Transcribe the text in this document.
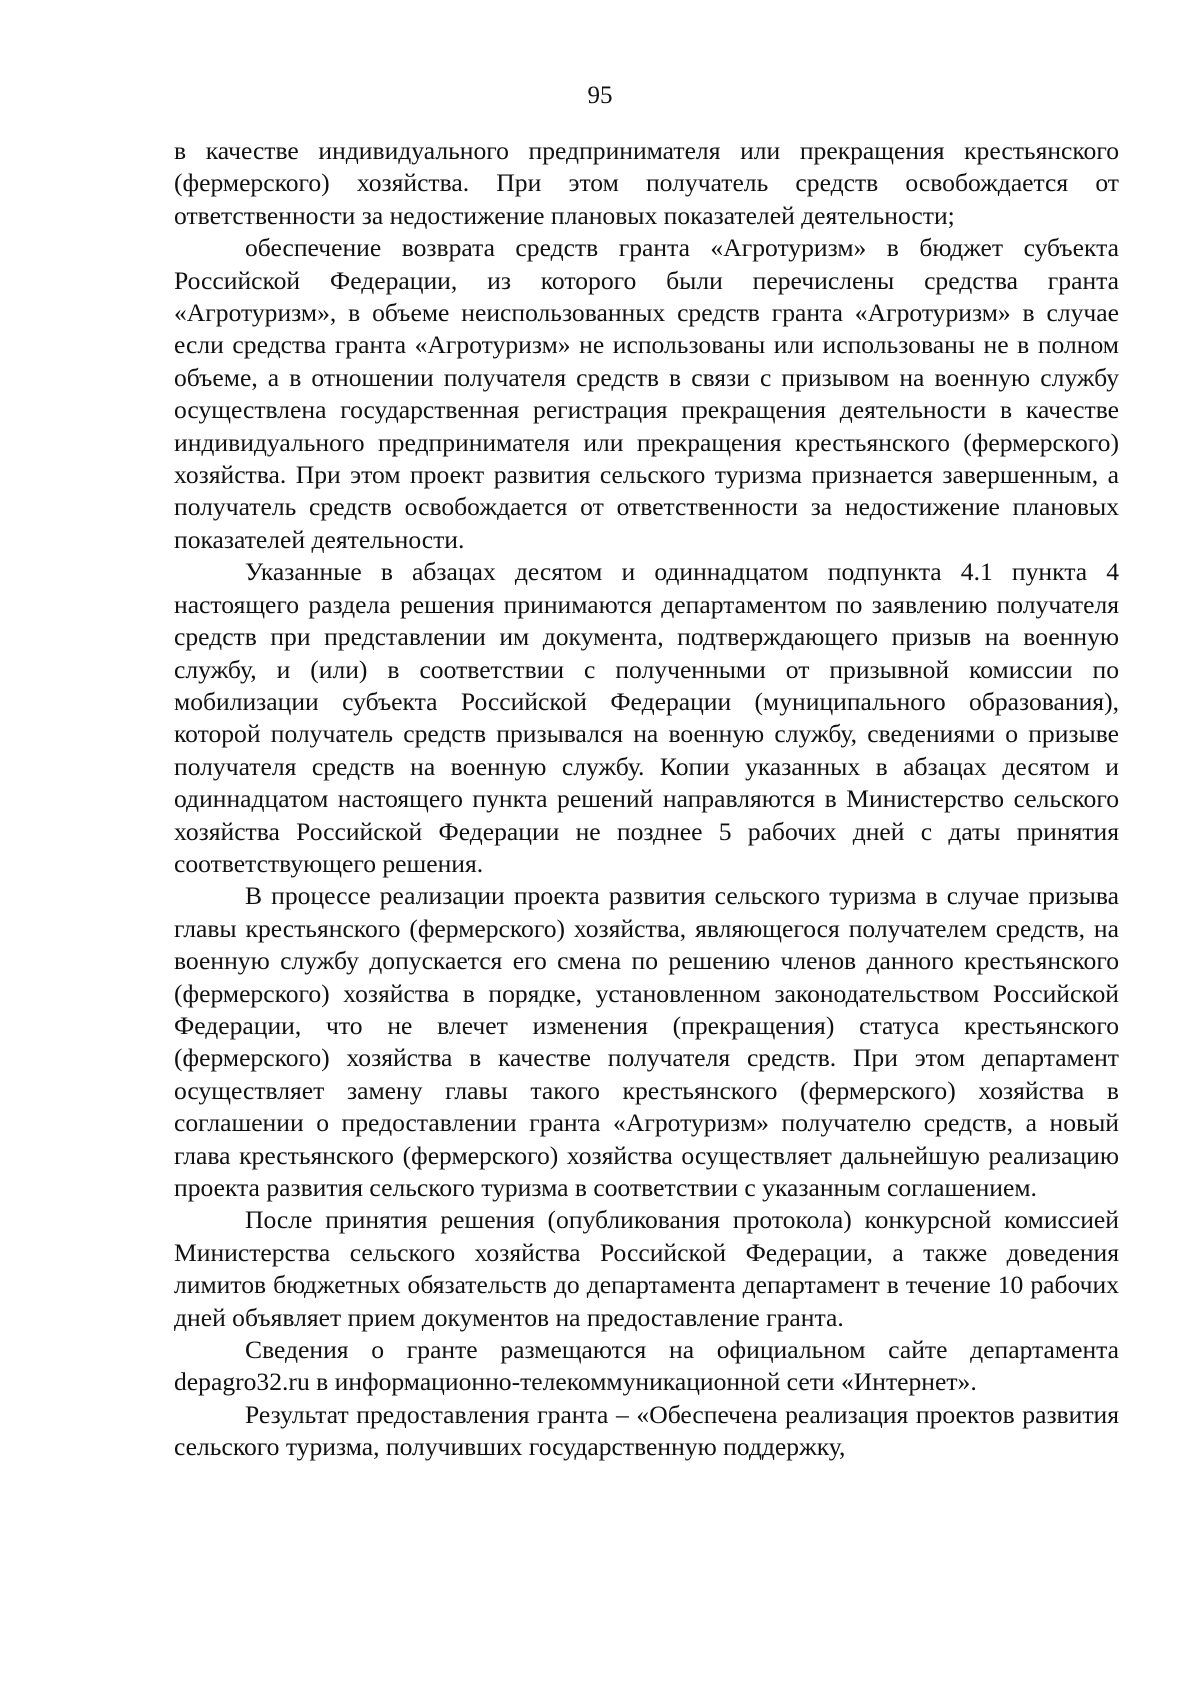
95

в качестве индивидуального предпринимателя или прекращения крестьянского (фермерского) хозяйства. При этом получатель средств освобождается от ответственности за недостижение плановых показателей деятельности;

обеспечение возврата средств гранта «Агротуризм» в бюджет субъекта Российской Федерации, из которого были перечислены средства гранта «Агротуризм», в объеме неиспользованных средств гранта «Агротуризм» в случае если средства гранта «Агротуризм» не использованы или использованы не в полном объеме, а в отношении получателя средств в связи с призывом на военную службу осуществлена государственная регистрация прекращения деятельности в качестве индивидуального предпринимателя или прекращения крестьянского (фермерского) хозяйства. При этом проект развития сельского туризма признается завершенным, а получатель средств освобождается от ответственности за недостижение плановых показателей деятельности.

Указанные в абзацах десятом и одиннадцатом подпункта 4.1 пункта 4 настоящего раздела решения принимаются департаментом по заявлению получателя средств при представлении им документа, подтверждающего призыв на военную службу, и (или) в соответствии с полученными от призывной комиссии по мобилизации субъекта Российской Федерации (муниципального образования), которой получатель средств призывался на военную службу, сведениями о призыве получателя средств на военную службу. Копии указанных в абзацах десятом и одиннадцатом настоящего пункта решений направляются в Министерство сельского хозяйства Российской Федерации не позднее 5 рабочих дней с даты принятия соответствующего решения.

В процессе реализации проекта развития сельского туризма в случае призыва главы крестьянского (фермерского) хозяйства, являющегося получателем средств, на военную службу допускается его смена по решению членов данного крестьянского (фермерского) хозяйства в порядке, установленном законодательством Российской Федерации, что не влечет изменения (прекращения) статуса крестьянского (фермерского) хозяйства в качестве получателя средств. При этом департамент осуществляет замену главы такого крестьянского (фермерского) хозяйства в соглашении о предоставлении гранта «Агротуризм» получателю средств, а новый глава крестьянского (фермерского) хозяйства осуществляет дальнейшую реализацию проекта развития сельского туризма в соответствии с указанным соглашением.

После принятия решения (опубликования протокола) конкурсной комиссией Министерства сельского хозяйства Российской Федерации, а также доведения лимитов бюджетных обязательств до департамента департамент в течение 10 рабочих дней объявляет прием документов на предоставление гранта.

Сведения о гранте размещаются на официальном сайте департамента depagro32.ru в информационно-телекоммуникационной сети «Интернет».

Результат предоставления гранта – «Обеспечена реализация проектов развития сельского туризма, получивших государственную поддержку,
